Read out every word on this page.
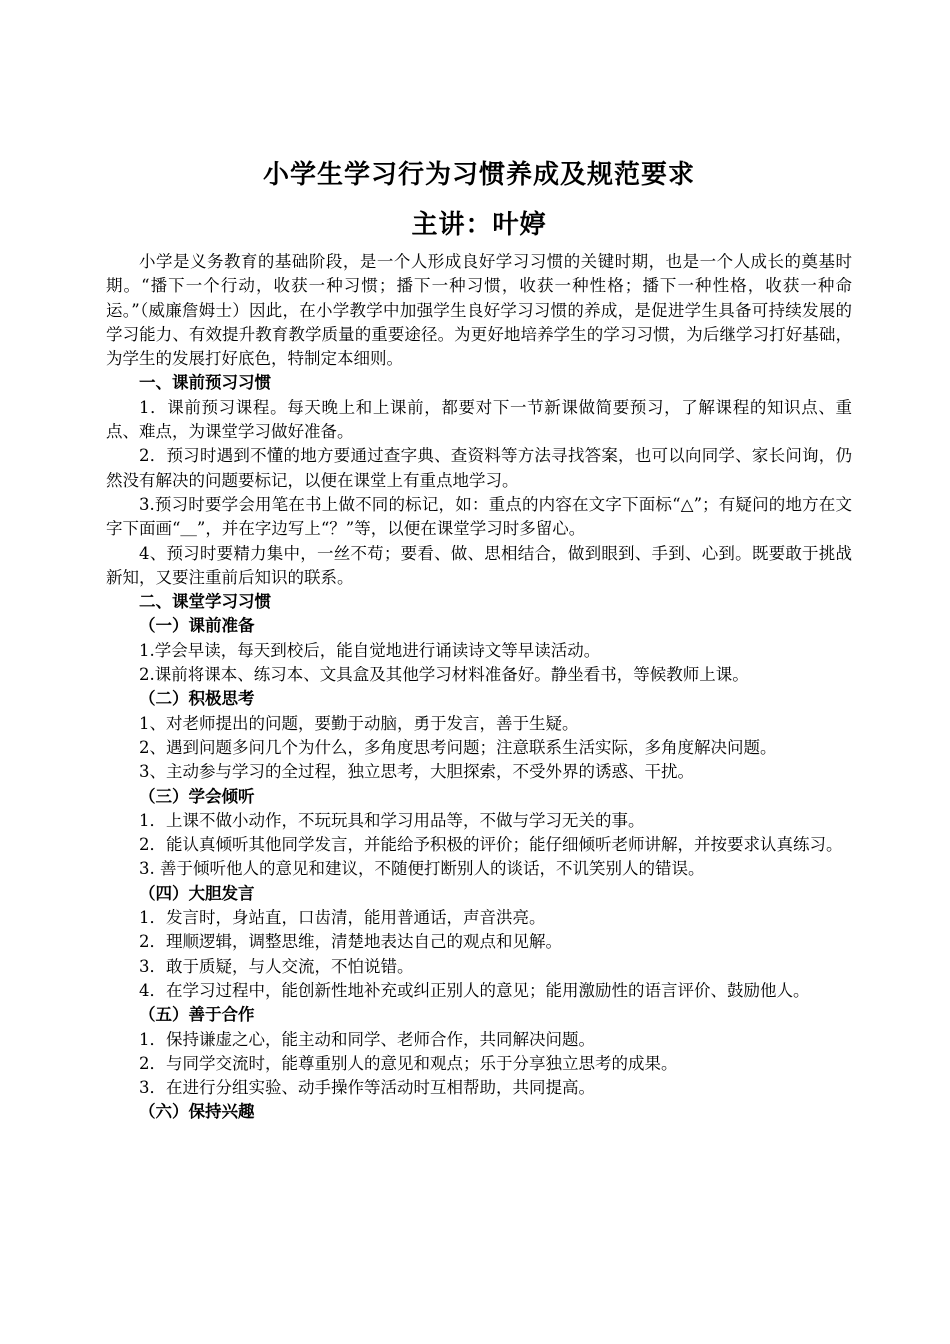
小学生学习行为习惯养成及规范要求
主讲：叶婷

小学是义务教育的基础阶段，是一个人形成良好学习习惯的关键时期，也是一个人成长的奠基时期。“播下一个行动，收获一种习惯；播下一种习惯，收获一种性格；播下一种性格，收获一种命运。”（威廉詹姆士）因此，在小学教学中加强学生良好学习习惯的养成，是促进学生具备可持续发展的学习能力、有效提升教育教学质量的重要途径。为更好地培养学生的学习习惯，为后继学习打好基础，为学生的发展打好底色，特制定本细则。

一、课前预习习惯

1．课前预习课程。每天晚上和上课前，都要对下一节新课做简要预习，了解课程的知识点、重点、难点，为课堂学习做好准备。

2．预习时遇到不懂的地方要通过查字典、查资料等方法寻找答案，也可以向同学、家长问询，仍然没有解决的问题要标记，以便在课堂上有重点地学习。

3.预习时要学会用笔在书上做不同的标记，如：重点的内容在文字下面标“△”；有疑问的地方在文字下面画“＿”，并在字边写上“？”等，以便在课堂学习时多留心。

4、预习时要精力集中，一丝不苟；要看、做、思相结合，做到眼到、手到、心到。既要敢于挑战新知，又要注重前后知识的联系。

二、课堂学习习惯

（一）课前准备

1.学会早读，每天到校后，能自觉地进行诵读诗文等早读活动。

2.课前将课本、练习本、文具盒及其他学习材料准备好。静坐看书，等候教师上课。

（二）积极思考

1、对老师提出的问题，要勤于动脑，勇于发言，善于生疑。

2、遇到问题多问几个为什么，多角度思考问题；注意联系生活实际，多角度解决问题。

3、主动参与学习的全过程，独立思考，大胆探索，不受外界的诱惑、干扰。

（三）学会倾听

1．上课不做小动作，不玩玩具和学习用品等，不做与学习无关的事。

2．能认真倾听其他同学发言，并能给予积极的评价；能仔细倾听老师讲解，并按要求认真练习。

3. 善于倾听他人的意见和建议，不随便打断别人的谈话，不讥笑别人的错误。

（四）大胆发言

1．发言时，身站直，口齿清，能用普通话，声音洪亮。

2．理顺逻辑，调整思维，清楚地表达自己的观点和见解。

3．敢于质疑，与人交流，不怕说错。

4．在学习过程中，能创新性地补充或纠正别人的意见；能用激励性的语言评价、鼓励他人。

（五）善于合作

1．保持谦虚之心，能主动和同学、老师合作，共同解决问题。

2．与同学交流时，能尊重别人的意见和观点；乐于分享独立思考的成果。

3．在进行分组实验、动手操作等活动时互相帮助，共同提高。

（六）保持兴趣
